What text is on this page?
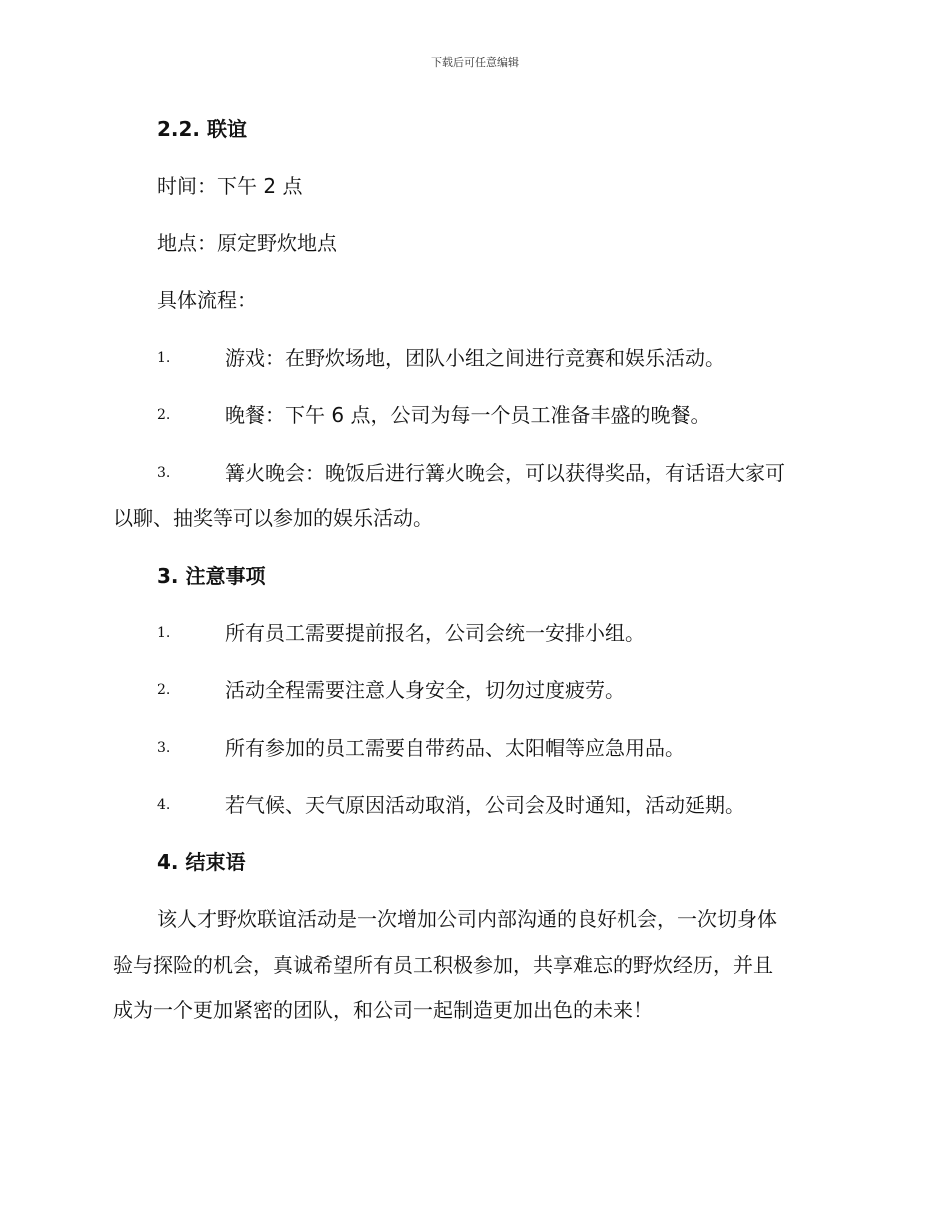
下载后可任意编辑
2.2. 联谊
时间：下午 2 点
地点：原定野炊地点
具体流程：
1.	游戏：在野炊场地，团队小组之间进行竞赛和娱乐活动。
2.	晚餐：下午 6 点，公司为每一个员工准备丰盛的晚餐。
3.	篝火晚会：晚饭后进行篝火晚会，可以获得奖品，有话语大家可
以聊、抽奖等可以参加的娱乐活动。
3. 注意事项
1.	所有员工需要提前报名，公司会统一安排小组。
2.	活动全程需要注意人身安全，切勿过度疲劳。
3.	所有参加的员工需要自带药品、太阳帽等应急用品。
4.	若气候、天气原因活动取消，公司会及时通知，活动延期。
4. 结束语
该人才野炊联谊活动是一次增加公司内部沟通的良好机会，一次切身体
验与探险的机会，真诚希望所有员工积极参加，共享难忘的野炊经历，并且
成为一个更加紧密的团队，和公司一起制造更加出色的未来！
